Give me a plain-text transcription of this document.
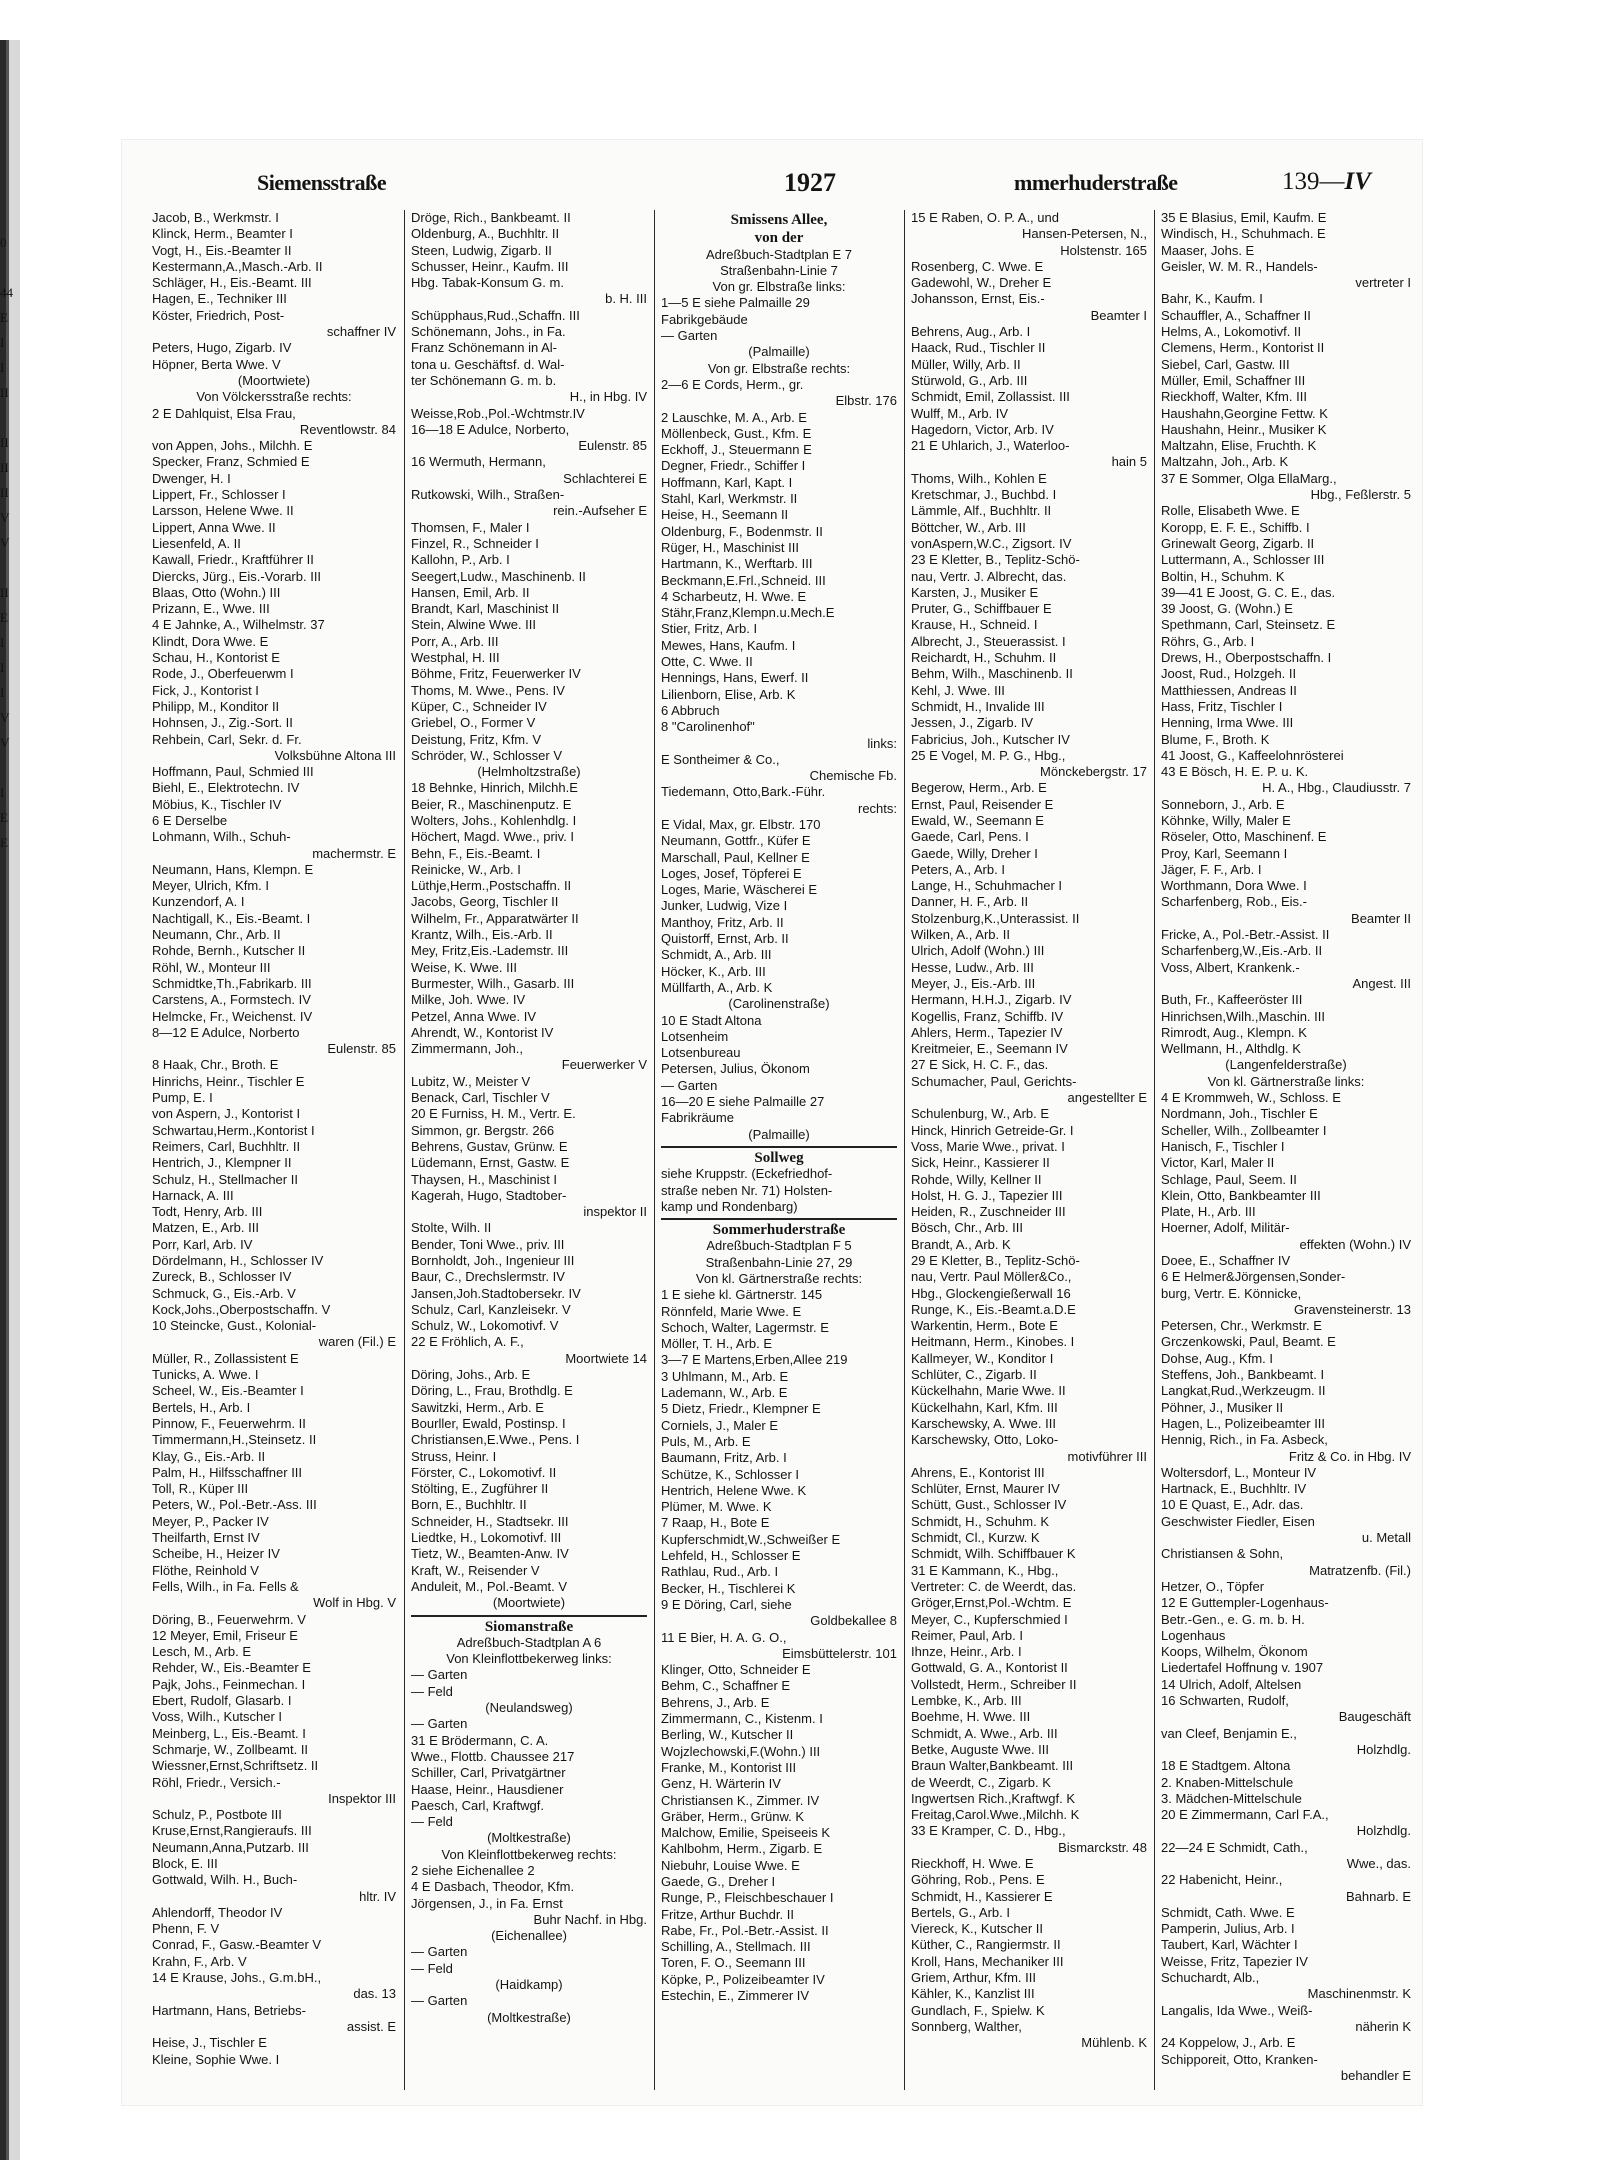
0

44
E
I
I
II

II
II
II
V
V

II
E
I
I
I
V
V

I
E
E
Siemensstraße	1927	mmerhuderstraße	139—IV
Jacob, B., Werkmstr. I
Klinck, Herm., Beamter I
Vogt, H., Eis.-Beamter II
Kestermann,A.,Masch.-Arb. II
Schläger, H., Eis.-Beamt. III
Hagen, E., Techniker III
Köster, Friedrich, Post-
schaffner IV
Peters, Hugo, Zigarb. IV
Höpner, Berta Wwe. V
(Moortwiete)
Von Völckersstraße rechts:
2 E Dahlquist, Elsa Frau,
Reventlowstr. 84
von Appen, Johs., Milchh. E
Specker, Franz, Schmied E
Dwenger, H. I
Lippert, Fr., Schlosser I
Larsson, Helene Wwe. II
Lippert, Anna Wwe. II
Liesenfeld, A. II
Kawall, Friedr., Kraftführer II
Diercks, Jürg., Eis.-Vorarb. III
Blaas, Otto (Wohn.) III
Prizann, E., Wwe. III
4 E Jahnke, A., Wilhelmstr. 37
Klindt, Dora Wwe. E
Schau, H., Kontorist E
Rode, J., Oberfeuerwm I
Fick, J., Kontorist I
Philipp, M., Konditor II
Hohnsen, J., Zig.-Sort. II
Rehbein, Carl, Sekr. d. Fr.
Volksbühne Altona III
Hoffmann, Paul, Schmied III
Biehl, E., Elektrotechn. IV
Möbius, K., Tischler IV
6 E Derselbe
Lohmann, Wilh., Schuh-
machermstr. E
Neumann, Hans, Klempn. E
Meyer, Ulrich, Kfm. I
Kunzendorf, A. I
Nachtigall, K., Eis.-Beamt. I
Neumann, Chr., Arb. II
Rohde, Bernh., Kutscher II
Röhl, W., Monteur III
Schmidtke,Th.,Fabrikarb. III
Carstens, A., Formstech. IV
Helmcke, Fr., Weichenst. IV
8—12 E Adulce, Norberto
Eulenstr. 85
8 Haak, Chr., Broth. E
Hinrichs, Heinr., Tischler E
Pump, E. I
von Aspern, J., Kontorist I
Schwartau,Herm.,Kontorist I
Reimers, Carl, Buchhltr. II
Hentrich, J., Klempner II
Schulz, H., Stellmacher II
Harnack, A. III
Todt, Henry, Arb. III
Matzen, E., Arb. III
Porr, Karl, Arb. IV
Dördelmann, H., Schlosser IV
Zureck, B., Schlosser IV
Schmuck, G., Eis.-Arb. V
Kock,Johs.,Oberpostschaffn. V
10 Steincke, Gust., Kolonial-
waren (Fil.) E
Müller, R., Zollassistent E
Tunicks, A. Wwe. I
Scheel, W., Eis.-Beamter I
Bertels, H., Arb. I
Pinnow, F., Feuerwehrm. II
Timmermann,H.,Steinsetz. II
Klay, G., Eis.-Arb. II
Palm, H., Hilfsschaffner III
Toll, R., Küper III
Peters, W., Pol.-Betr.-Ass. III
Meyer, P., Packer IV
Theilfarth, Ernst IV
Scheibe, H., Heizer IV
Flöthe, Reinhold V
Fells, Wilh., in Fa. Fells &
Wolf in Hbg. V
Döring, B., Feuerwehrm. V
12 Meyer, Emil, Friseur E
Lesch, M., Arb. E
Rehder, W., Eis.-Beamter E
Pajk, Johs., Feinmechan. I
Ebert, Rudolf, Glasarb. I
Voss, Wilh., Kutscher I
Meinberg, L., Eis.-Beamt. I
Schmarje, W., Zollbeamt. II
Wiessner,Ernst,Schriftsetz. II
Röhl, Friedr., Versich.-
Inspektor III
Schulz, P., Postbote III
Kruse,Ernst,Rangieraufs. III
Neumann,Anna,Putzarb. III
Block, E. III
Gottwald, Wilh. H., Buch-
hltr. IV
Ahlendorff, Theodor IV
Phenn, F. V
Conrad, F., Gasw.-Beamter V
Krahn, F., Arb. V
14 E Krause, Johs., G.m.bH.,
das. 13
Hartmann, Hans, Betriebs-
assist. E
Heise, J., Tischler E
Kleine, Sophie Wwe. I
Dröge, Rich., Bankbeamt. II
Oldenburg, A., Buchhltr. II
Steen, Ludwig, Zigarb. II
Schusser, Heinr., Kaufm. III
Hbg. Tabak-Konsum G. m.
b. H. III
Schüpphaus,Rud.,Schaffn. III
Schönemann, Johs., in Fa.
Franz Schönemann in Al-
tona u. Geschäftsf. d. Wal-
ter Schönemann G. m. b.
H., in Hbg. IV
Weisse,Rob.,Pol.-Wchtmstr.IV
16—18 E Adulce, Norberto,
Eulenstr. 85
16 Wermuth, Hermann,
Schlachterei E
Rutkowski, Wilh., Straßen-
rein.-Aufseher E
Thomsen, F., Maler I
Finzel, R., Schneider I
Kallohn, P., Arb. I
Seegert,Ludw., Maschinenb. II
Hansen, Emil, Arb. II
Brandt, Karl, Maschinist II
Stein, Alwine Wwe. III
Porr, A., Arb. III
Westphal, H. III
Böhme, Fritz, Feuerwerker IV
Thoms, M. Wwe., Pens. IV
Küper, C., Schneider IV
Griebel, O., Former V
Deistung, Fritz, Kfm. V
Schröder, W., Schlosser V
(Helmholtzstraße)
18 Behnke, Hinrich, Milchh.E
Beier, R., Maschinenputz. E
Wolters, Johs., Kohlenhdlg. I
Höchert, Magd. Wwe., priv. I
Behn, F., Eis.-Beamt. I
Reinicke, W., Arb. I
Lüthje,Herm.,Postschaffn. II
Jacobs, Georg, Tischler II
Wilhelm, Fr., Apparatwärter II
Krantz, Wilh., Eis.-Arb. II
Mey, Fritz,Eis.-Lademstr. III
Weise, K. Wwe. III
Burmester, Wilh., Gasarb. III
Milke, Joh. Wwe. IV
Petzel, Anna Wwe. IV
Ahrendt, W., Kontorist IV
Zimmermann, Joh.,
Feuerwerker V
Lubitz, W., Meister V
Benack, Carl, Tischler V
20 E Furniss, H. M., Vertr. E.
Simmon, gr. Bergstr. 266
Behrens, Gustav, Grünw. E
Lüdemann, Ernst, Gastw. E
Thaysen, H., Maschinist I
Kagerah, Hugo, Stadtober-
inspektor II
Stolte, Wilh. II
Bender, Toni Wwe., priv. III
Bornholdt, Joh., Ingenieur III
Baur, C., Drechslermstr. IV
Jansen,Joh.Stadtobersekr. IV
Schulz, Carl, Kanzleisekr. V
Schulz, W., Lokomotivf. V
22 E Fröhlich, A. F.,
Moortwiete 14
Döring, Johs., Arb. E
Döring, L., Frau, Brothdlg. E
Sawitzki, Herm., Arb. E
Bourller, Ewald, Postinsp. I
Christiansen,E.Wwe., Pens. I
Struss, Heinr. I
Förster, C., Lokomotivf. II
Stölting, E., Zugführer II
Born, E., Buchhltr. II
Schneider, H., Stadtsekr. III
Liedtke, H., Lokomotivf. III
Tietz, W., Beamten-Anw. IV
Kraft, W., Reisender V
Anduleit, M., Pol.-Beamt. V
(Moortwiete)
Siomanstraße
Adreßbuch-Stadtplan A 6
Von Kleinflottbekerweg links:
— Garten
— Feld
(Neulandsweg)
— Garten
31 E Brödermann, C. A.
Wwe., Flottb. Chaussee 217
Schiller, Carl, Privatgärtner
Haase, Heinr., Hausdiener
Paesch, Carl, Kraftwgf.
— Feld
(Moltkestraße)
Von Kleinflottbekerweg rechts:
2 siehe Eichenallee 2
4 E Dasbach, Theodor, Kfm.
Jörgensen, J., in Fa. Ernst
Buhr Nachf. in Hbg.
(Eichenallee)
— Garten
— Feld
(Haidkamp)
— Garten
(Moltkestraße)
Smissens Allee,
von der
Adreßbuch-Stadtplan E 7
Straßenbahn-Linie 7
Von gr. Elbstraße links:
1—5 E siehe Palmaille 29
Fabrikgebäude
— Garten
(Palmaille)
Von gr. Elbstraße rechts:
2—6 E Cords, Herm., gr.
Elbstr. 176
2 Lauschke, M. A., Arb. E
Möllenbeck, Gust., Kfm. E
Eckhoff, J., Steuermann E
Degner, Friedr., Schiffer I
Hoffmann, Karl, Kapt. I
Stahl, Karl, Werkmstr. II
Heise, H., Seemann II
Oldenburg, F., Bodenmstr. II
Rüger, H., Maschinist III
Hartmann, K., Werftarb. III
Beckmann,E.Frl.,Schneid. III
4 Scharbeutz, H. Wwe. E
Stähr,Franz,Klempn.u.Mech.E
Stier, Fritz, Arb. I
Mewes, Hans, Kaufm. I
Otte, C. Wwe. II
Hennings, Hans, Ewerf. II
Lilienborn, Elise, Arb. K
6 Abbruch
8 "Carolinenhof"
links:
E Sontheimer & Co.,
Chemische Fb.
Tiedemann, Otto,Bark.-Führ.
rechts:
E Vidal, Max, gr. Elbstr. 170
Neumann, Gottfr., Küfer E
Marschall, Paul, Kellner E
Loges, Josef, Töpferei E
Loges, Marie, Wäscherei E
Junker, Ludwig, Vize I
Manthoy, Fritz, Arb. II
Quistorff, Ernst, Arb. II
Schmidt, A., Arb. III
Höcker, K., Arb. III
Müllfarth, A., Arb. K
(Carolinenstraße)
10 E Stadt Altona
Lotsenheim
Lotsenbureau
Petersen, Julius, Ökonom
— Garten
16—20 E siehe Palmaille 27
Fabrikräume
(Palmaille)
Sollweg
siehe Kruppstr. (Eckefriedhof-
straße neben Nr. 71) Holsten-
kamp und Rondenbarg)
Sommerhuderstraße
Adreßbuch-Stadtplan F 5
Straßenbahn-Linie 27, 29
Von kl. Gärtnerstraße rechts:
1 E siehe kl. Gärtnerstr. 145
Rönnfeld, Marie Wwe. E
Schoch, Walter, Lagermstr. E
Möller, T. H., Arb. E
3—7 E Martens,Erben,Allee 219
3 Uhlmann, M., Arb. E
Lademann, W., Arb. E
5 Dietz, Friedr., Klempner E
Corniels, J., Maler E
Puls, M., Arb. E
Baumann, Fritz, Arb. I
Schütze, K., Schlosser I
Hentrich, Helene Wwe. K
Plümer, M. Wwe. K
7 Raap, H., Bote E
Kupferschmidt,W.,Schweißer E
Lehfeld, H., Schlosser E
Rathlau, Rud., Arb. I
Becker, H., Tischlerei K
9 E Döring, Carl, siehe
Goldbekallee 8
11 E Bier, H. A. G. O.,
Eimsbüttelerstr. 101
Klinger, Otto, Schneider E
Behm, C., Schaffner E
Behrens, J., Arb. E
Zimmermann, C., Kistenm. I
Berling, W., Kutscher II
Wojzlechowski,F.(Wohn.) III
Franke, M., Kontorist III
Genz, H. Wärterin IV
Christiansen K., Zimmer. IV
Gräber, Herm., Grünw. K
Malchow, Emilie, Speiseeis K
Kahlbohm, Herm., Zigarb. E
Niebuhr, Louise Wwe. E
Gaede, G., Dreher I
Runge, P., Fleischbeschauer I
Fritze, Arthur Buchdr. II
Rabe, Fr., Pol.-Betr.-Assist. II
Schilling, A., Stellmach. III
Toren, F. O., Seemann III
Köpke, P., Polizeibeamter IV
Estechin, E., Zimmerer IV
15 E Raben, O. P. A., und
Hansen-Petersen, N.,
Holstenstr. 165
Rosenberg, C. Wwe. E
Gadewohl, W., Dreher E
Johansson, Ernst, Eis.-
Beamter I
Behrens, Aug., Arb. I
Haack, Rud., Tischler II
Müller, Willy, Arb. II
Stürwold, G., Arb. III
Schmidt, Emil, Zollassist. III
Wulff, M., Arb. IV
Hagedorn, Victor, Arb. IV
21 E Uhlarich, J., Waterloo-
hain 5
Thoms, Wilh., Kohlen E
Kretschmar, J., Buchbd. I
Lämmle, Alf., Buchhltr. II
Böttcher, W., Arb. III
vonAspern,W.C., Zigsort. IV
23 E Kletter, B., Teplitz-Schö-
nau, Vertr. J. Albrecht, das.
Karsten, J., Musiker E
Pruter, G., Schiffbauer E
Krause, H., Schneid. I
Albrecht, J., Steuerassist. I
Reichardt, H., Schuhm. II
Behm, Wilh., Maschinenb. II
Kehl, J. Wwe. III
Schmidt, H., Invalide III
Jessen, J., Zigarb. IV
Fabricius, Joh., Kutscher IV
25 E Vogel, M. P. G., Hbg.,
Mönckebergstr. 17
Begerow, Herm., Arb. E
Ernst, Paul, Reisender E
Ewald, W., Seemann E
Gaede, Carl, Pens. I
Gaede, Willy, Dreher I
Peters, A., Arb. I
Lange, H., Schuhmacher I
Danner, H. F., Arb. II
Stolzenburg,K.,Unterassist. II
Wilken, A., Arb. II
Ulrich, Adolf (Wohn.) III
Hesse, Ludw., Arb. III
Meyer, J., Eis.-Arb. III
Hermann, H.H.J., Zigarb. IV
Kogellis, Franz, Schiffb. IV
Ahlers, Herm., Tapezier IV
Kreitmeier, E., Seemann IV
27 E Sick, H. C. F., das.
Schumacher, Paul, Gerichts-
angestellter E
Schulenburg, W., Arb. E
Hinck, Hinrich Getreide-Gr. I
Voss, Marie Wwe., privat. I
Sick, Heinr., Kassierer II
Rohde, Willy, Kellner II
Holst, H. G. J., Tapezier III
Heiden, R., Zuschneider III
Bösch, Chr., Arb. III
Brandt, A., Arb. K
29 E Kletter, B., Teplitz-Schö-
nau, Vertr. Paul Möller&Co.,
Hbg., Glockengießerwall 16
Runge, K., Eis.-Beamt.a.D.E
Warkentin, Herm., Bote E
Heitmann, Herm., Kinobes. I
Kallmeyer, W., Konditor I
Schlüter, C., Zigarb. II
Kückelhahn, Marie Wwe. II
Kückelhahn, Karl, Kfm. III
Karschewsky, A. Wwe. III
Karschewsky, Otto, Loko-
motivführer III
Ahrens, E., Kontorist III
Schlüter, Ernst, Maurer IV
Schütt, Gust., Schlosser IV
Schmidt, H., Schuhm. K
Schmidt, Cl., Kurzw. K
Schmidt, Wilh. Schiffbauer K
31 E Kammann, K., Hbg.,
Vertreter: C. de Weerdt, das.
Gröger,Ernst,Pol.-Wchtm. E
Meyer, C., Kupferschmied I
Reimer, Paul, Arb. I
Ihnze, Heinr., Arb. I
Gottwald, G. A., Kontorist II
Vollstedt, Herm., Schreiber II
Lembke, K., Arb. III
Boehme, H. Wwe. III
Schmidt, A. Wwe., Arb. III
Betke, Auguste Wwe. III
Braun Walter,Bankbeamt. III
de Weerdt, C., Zigarb. K
Ingwertsen Rich.,Kraftwgf. K
Freitag,Carol.Wwe.,Milchh. K
33 E Kramper, C. D., Hbg.,
Bismarckstr. 48
Rieckhoff, H. Wwe. E
Göhring, Rob., Pens. E
Schmidt, H., Kassierer E
Bertels, G., Arb. I
Viereck, K., Kutscher II
Küther, C., Rangiermstr. II
Kroll, Hans, Mechaniker III
Griem, Arthur, Kfm. III
Kähler, K., Kanzlist III
Gundlach, F., Spielw. K
Sonnberg, Walther,
Mühlenb. K
35 E Blasius, Emil, Kaufm. E
Windisch, H., Schuhmach. E
Maaser, Johs. E
Geisler, W. M. R., Handels-
vertreter I
Bahr, K., Kaufm. I
Schauffler, A., Schaffner II
Helms, A., Lokomotivf. II
Clemens, Herm., Kontorist II
Siebel, Carl, Gastw. III
Müller, Emil, Schaffner III
Rieckhoff, Walter, Kfm. III
Haushahn,Georgine Fettw. K
Haushahn, Heinr., Musiker K
Maltzahn, Elise, Fruchth. K
Maltzahn, Joh., Arb. K
37 E Sommer, Olga EllaMarg.,
Hbg., Feßlerstr. 5
Rolle, Elisabeth Wwe. E
Koropp, E. F. E., Schiffb. I
Grinewalt Georg, Zigarb. II
Luttermann, A., Schlosser III
Boltin, H., Schuhm. K
39—41 E Joost, G. C. E., das.
39 Joost, G. (Wohn.) E
Spethmann, Carl, Steinsetz. E
Röhrs, G., Arb. I
Drews, H., Oberpostschaffn. I
Joost, Rud., Holzgeh. II
Matthiessen, Andreas II
Hass, Fritz, Tischler I
Henning, Irma Wwe. III
Blume, F., Broth. K
41 Joost, G., Kaffeelohnrösterei
43 E Bösch, H. E. P. u. K.
H. A., Hbg., Claudiusstr. 7
Sonneborn, J., Arb. E
Köhnke, Willy, Maler E
Röseler, Otto, Maschinenf. E
Proy, Karl, Seemann I
Jäger, F. F., Arb. I
Worthmann, Dora Wwe. I
Scharfenberg, Rob., Eis.-
Beamter II
Fricke, A., Pol.-Betr.-Assist. II
Scharfenberg,W.,Eis.-Arb. II
Voss, Albert, Krankenk.-
Angest. III
Buth, Fr., Kaffeeröster III
Hinrichsen,Wilh.,Maschin. III
Rimrodt, Aug., Klempn. K
Wellmann, H., Althdlg. K
(Langenfelderstraße)
Von kl. Gärtnerstraße links:
4 E Krommweh, W., Schloss. E
Nordmann, Joh., Tischler E
Scheller, Wilh., Zollbeamter I
Hanisch, F., Tischler I
Victor, Karl, Maler II
Schlage, Paul, Seem. II
Klein, Otto, Bankbeamter III
Plate, H., Arb. III
Hoerner, Adolf, Militär-
effekten (Wohn.) IV
Doee, E., Schaffner IV
6 E Helmer&Jörgensen,Sonder-
burg, Vertr. E. Könnicke,
Gravensteinerstr. 13
Petersen, Chr., Werkmstr. E
Grczenkowski, Paul, Beamt. E
Dohse, Aug., Kfm. I
Steffens, Joh., Bankbeamt. I
Langkat,Rud.,Werkzeugm. II
Pöhner, J., Musiker II
Hagen, L., Polizeibeamter III
Hennig, Rich., in Fa. Asbeck,
Fritz & Co. in Hbg. IV
Woltersdorf, L., Monteur IV
Hartnack, E., Buchhltr. IV
10 E Quast, E., Adr. das.
Geschwister Fiedler, Eisen
u. Metall
Christiansen & Sohn,
Matratzenfb. (Fil.)
Hetzer, O., Töpfer
12 E Guttempler-Logenhaus-
Betr.-Gen., e. G. m. b. H.
Logenhaus
Koops, Wilhelm, Ökonom
Liedertafel Hoffnung v. 1907
14 Ulrich, Adolf, Altelsen
16 Schwarten, Rudolf,
Baugeschäft
van Cleef, Benjamin E.,
Holzhdlg.
18 E Stadtgem. Altona
2. Knaben-Mittelschule
3. Mädchen-Mittelschule
20 E Zimmermann, Carl F.A.,
Holzhdlg.
22—24 E Schmidt, Cath.,
Wwe., das.
22 Habenicht, Heinr.,
Bahnarb. E
Schmidt, Cath. Wwe. E
Pamperin, Julius, Arb. I
Taubert, Karl, Wächter I
Weisse, Fritz, Tapezier IV
Schuchardt, Alb.,
Maschinenmstr. K
Langalis, Ida Wwe., Weiß-
näherin K
24 Koppelow, J., Arb. E
Schipporeit, Otto, Kranken-
behandler E
